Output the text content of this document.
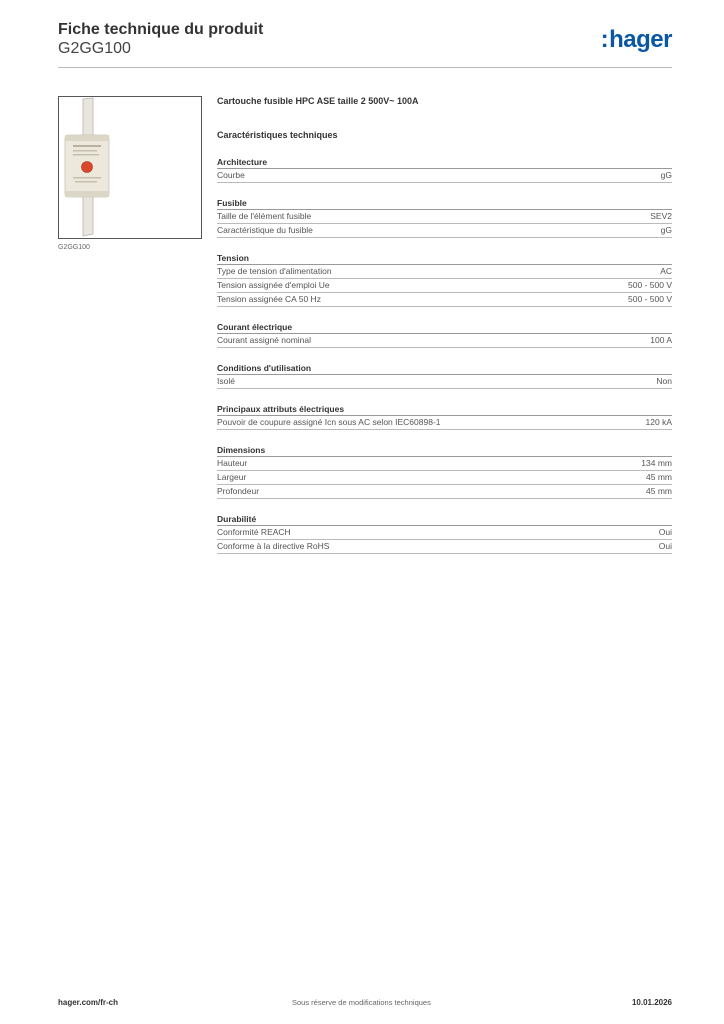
Fiche technique du produit
G2GG100	:hager
G2GG100
Cartouche fusible HPC ASE taille 2 500V~ 100A
Caractéristiques techniques
Architecture
Courbe	gG
Fusible
Taille de l'élément fusible	SEV2
Caractéristique du fusible	gG
Tension
Type de tension d'alimentation	AC
Tension assignée d'emploi Ue	500 - 500 V
Tension assignée CA 50 Hz	500 - 500 V
Courant électrique
Courant assigné nominal	100 A
Conditions d'utilisation
Isolé	Non
Principaux attributs électriques
Pouvoir de coupure assigné Icn sous AC selon IEC60898-1	120 kA
Dimensions
Hauteur	134 mm
Largeur	45 mm
Profondeur	45 mm
Durabilité
Conformité REACH	Oui
Conforme à la directive RoHS	Oui
hager.com/fr-ch	Sous réserve de modifications techniques	10.01.2026
